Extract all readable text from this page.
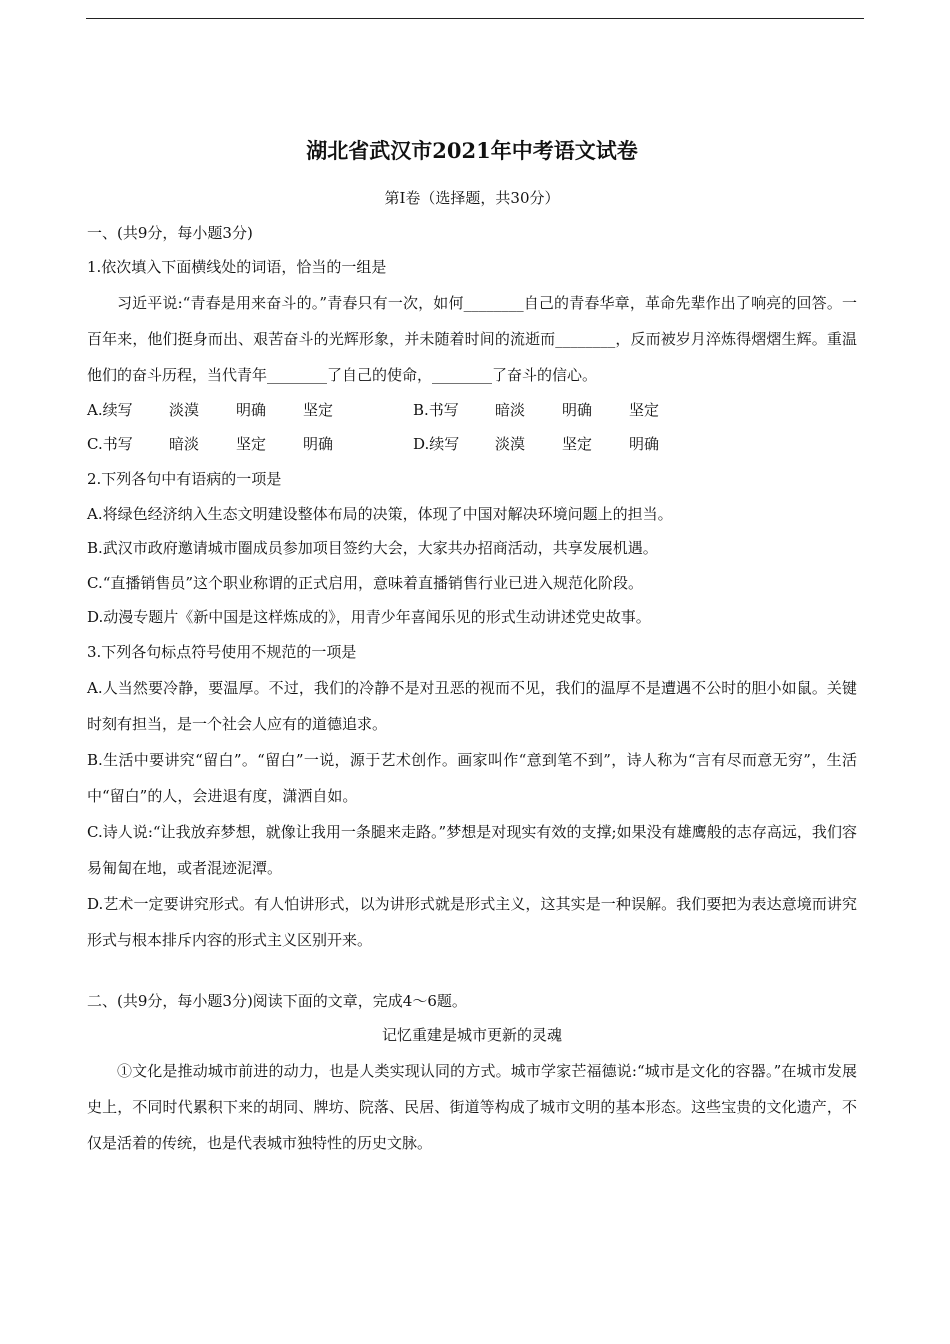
湖北省武汉市2021年中考语文试卷
第Ⅰ卷（选择题，共30分）
一、(共9分，每小题3分)
1.依次填入下面横线处的词语，恰当的一组是
习近平说:“青春是用来奋斗的。”青春只有一次，如何________自己的青春华章，革命先辈作出了响亮的回答。一百年来，他们挺身而出、艰苦奋斗的光辉形象，并未随着时间的流逝而________，反而被岁月淬炼得熠熠生辉。重温他们的奋斗历程，当代青年________了自己的使命，________了奋斗的信心。
A.续写 淡漠 明确 坚定	B.书写 暗淡 明确 坚定
C.书写 暗淡 坚定 明确	D.续写 淡漠 坚定 明确
2.下列各句中有语病的一项是
A.将绿色经济纳入生态文明建设整体布局的决策，体现了中国对解决环境问题上的担当。
B.武汉市政府邀请城市圈成员参加项目签约大会，大家共办招商活动，共享发展机遇。
C.“直播销售员”这个职业称谓的正式启用，意味着直播销售行业已进入规范化阶段。
D.动漫专题片《新中国是这样炼成的》，用青少年喜闻乐见的形式生动讲述党史故事。
3.下列各句标点符号使用不规范的一项是
A.人当然要冷静，要温厚。不过，我们的冷静不是对丑恶的视而不见，我们的温厚不是遭遇不公时的胆小如鼠。关键时刻有担当，是一个社会人应有的道德追求。
B.生活中要讲究“留白”。“留白”一说，源于艺术创作。画家叫作“意到笔不到”，诗人称为“言有尽而意无穷”，生活中“留白”的人，会进退有度，潇洒自如。
C.诗人说:“让我放弃梦想，就像让我用一条腿来走路。”梦想是对现实有效的支撑;如果没有雄鹰般的志存高远，我们容易匍匐在地，或者混迹泥潭。
D.艺术一定要讲究形式。有人怕讲形式，以为讲形式就是形式主义，这其实是一种误解。我们要把为表达意境而讲究形式与根本排斥内容的形式主义区别开来。
二、(共9分，每小题3分)阅读下面的文章，完成4～6题。
记忆重建是城市更新的灵魂
①文化是推动城市前进的动力，也是人类实现认同的方式。城市学家芒福德说:“城市是文化的容器。”在城市发展史上，不同时代累积下来的胡同、牌坊、院落、民居、街道等构成了城市文明的基本形态。这些宝贵的文化遗产，不仅是活着的传统，也是代表城市独特性的历史文脉。
